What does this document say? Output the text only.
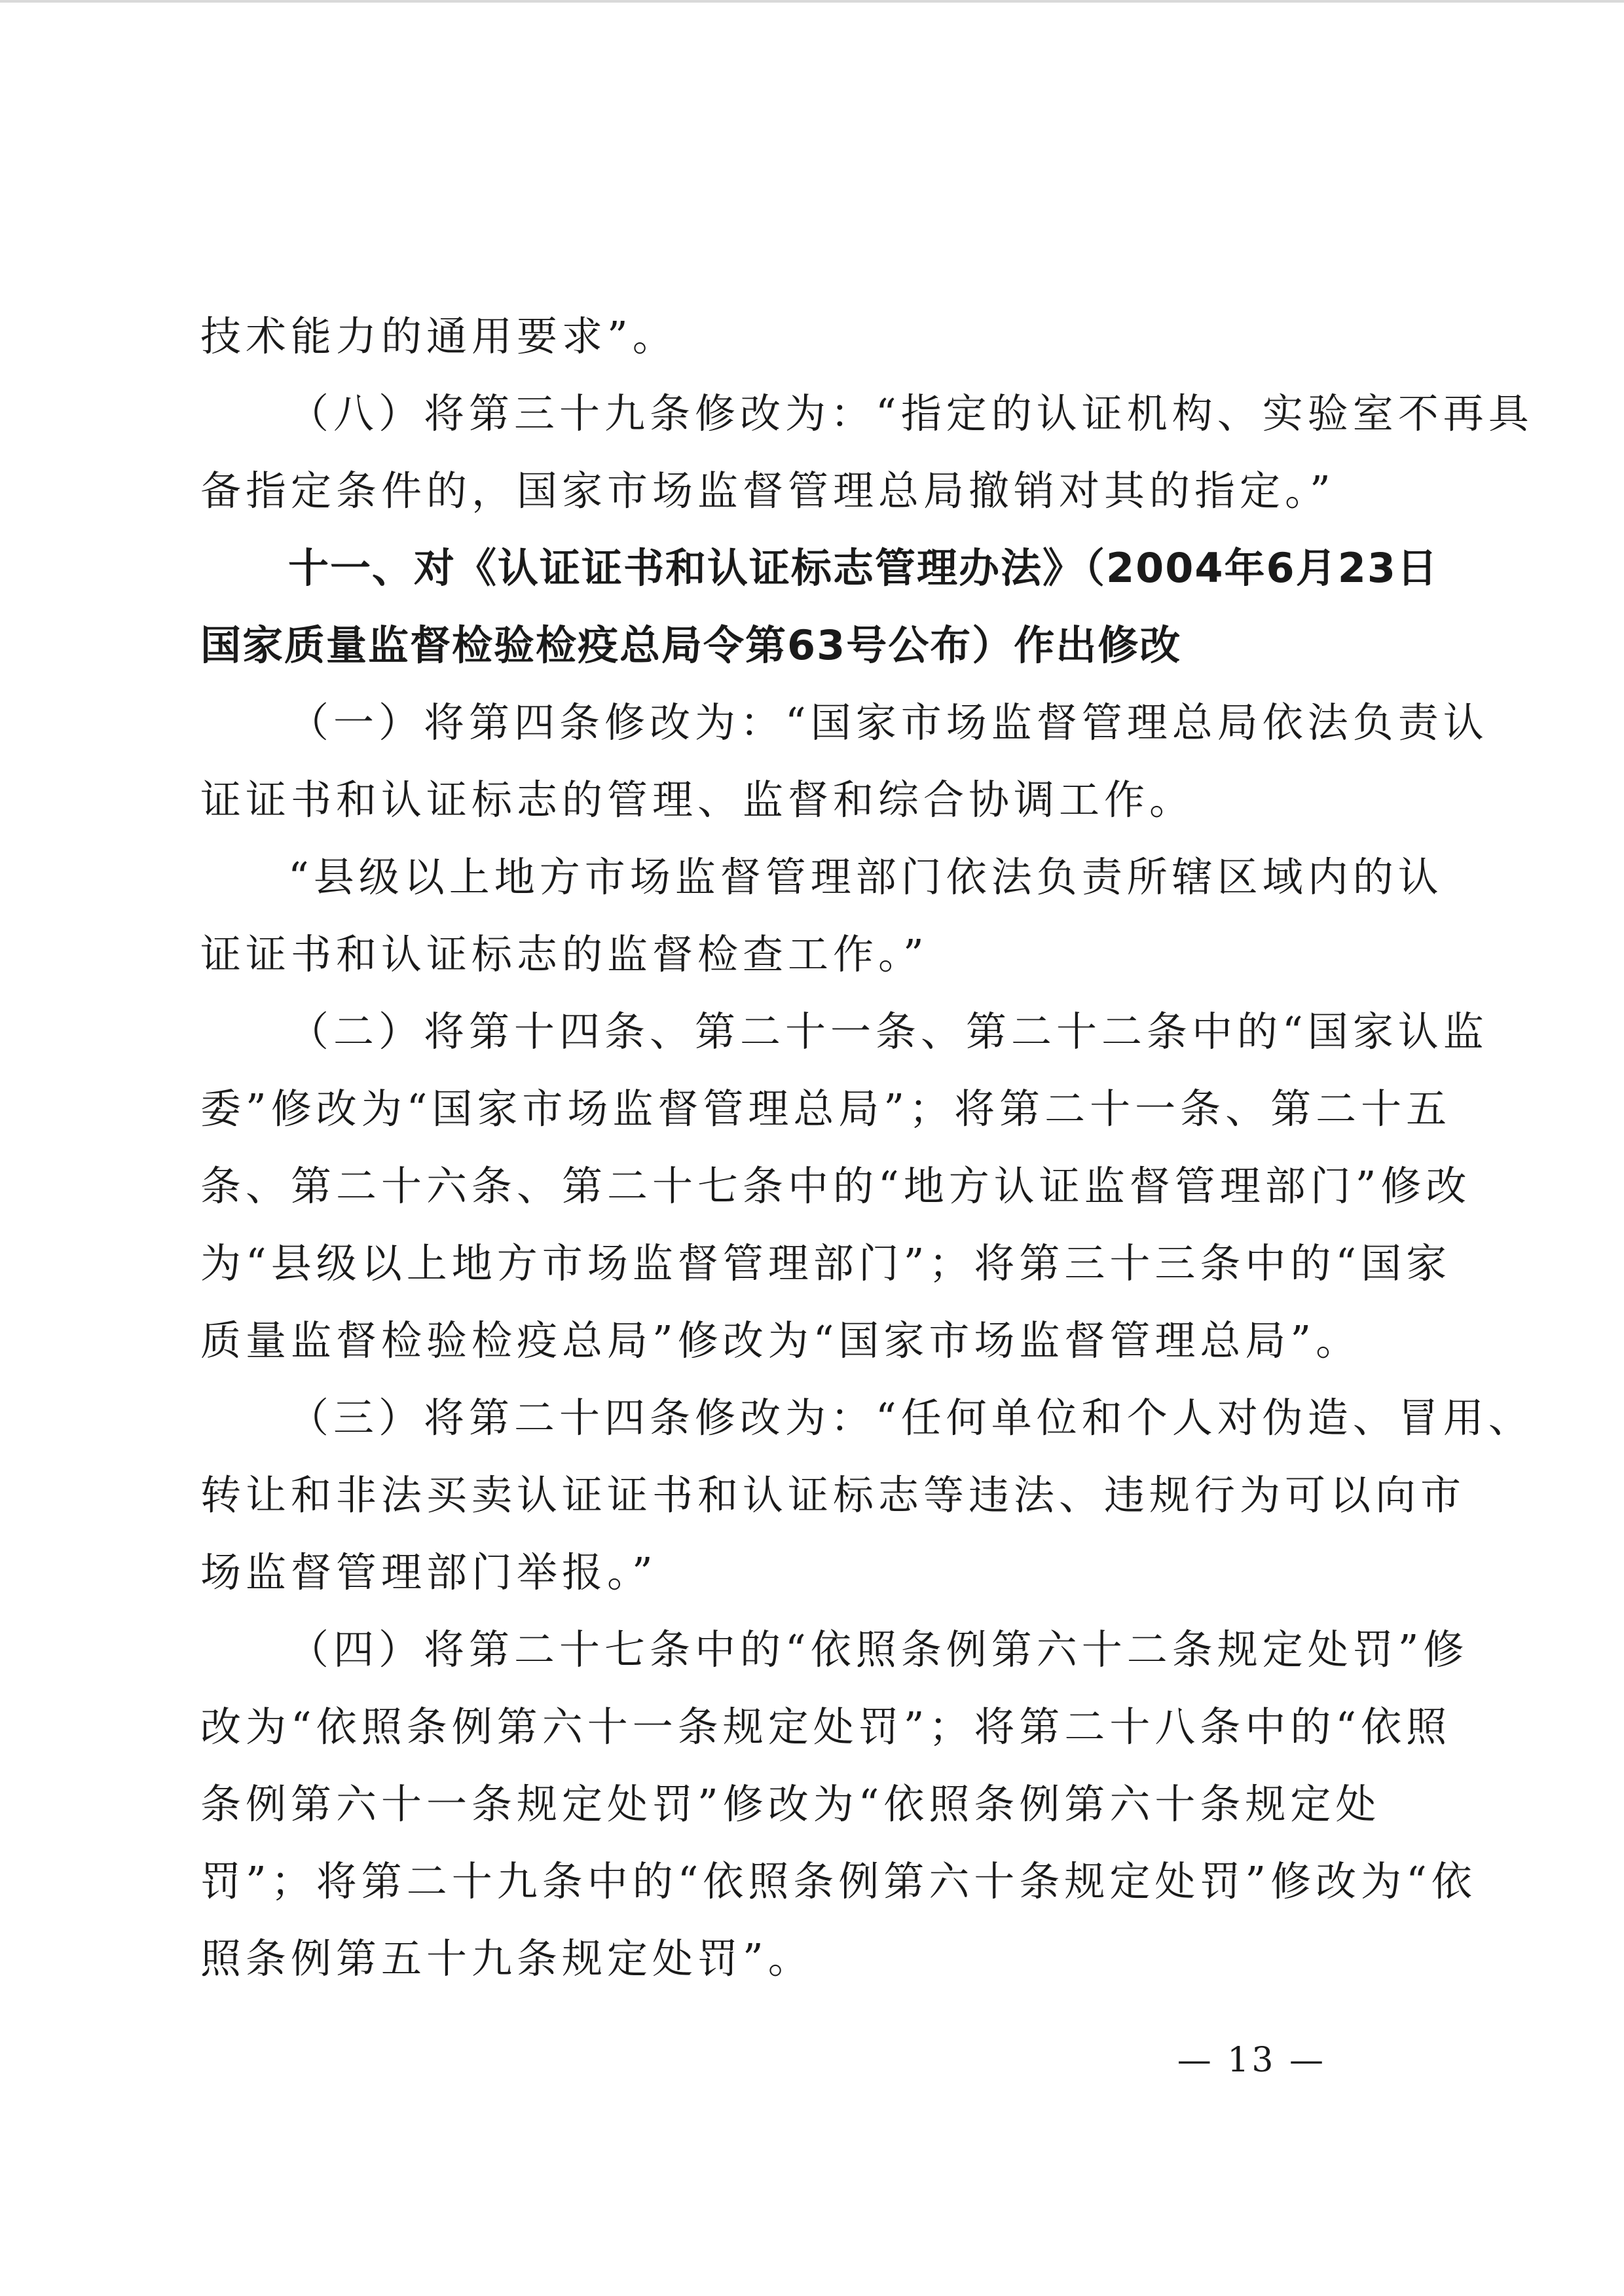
技术能力的通用要求”。
（八）将第三十九条修改为：“指定的认证机构、实验室不再具
备指定条件的，国家市场监督管理总局撤销对其的指定。”
十一、对《认证证书和认证标志管理办法》（2004年6月23日
国家质量监督检验检疫总局令第63号公布）作出修改
（一）将第四条修改为：“国家市场监督管理总局依法负责认
证证书和认证标志的管理、监督和综合协调工作。
“县级以上地方市场监督管理部门依法负责所辖区域内的认
证证书和认证标志的监督检查工作。”
（二）将第十四条、第二十一条、第二十二条中的“国家认监
委”修改为“国家市场监督管理总局”；将第二十一条、第二十五
条、第二十六条、第二十七条中的“地方认证监督管理部门”修改
为“县级以上地方市场监督管理部门”；将第三十三条中的“国家
质量监督检验检疫总局”修改为“国家市场监督管理总局”。
（三）将第二十四条修改为：“任何单位和个人对伪造、冒用、
转让和非法买卖认证证书和认证标志等违法、违规行为可以向市
场监督管理部门举报。”
（四）将第二十七条中的“依照条例第六十二条规定处罚”修
改为“依照条例第六十一条规定处罚”；将第二十八条中的“依照
条例第六十一条规定处罚”修改为“依照条例第六十条规定处
罚”；将第二十九条中的“依照条例第六十条规定处罚”修改为“依
照条例第五十九条规定处罚”。
— 13 —
